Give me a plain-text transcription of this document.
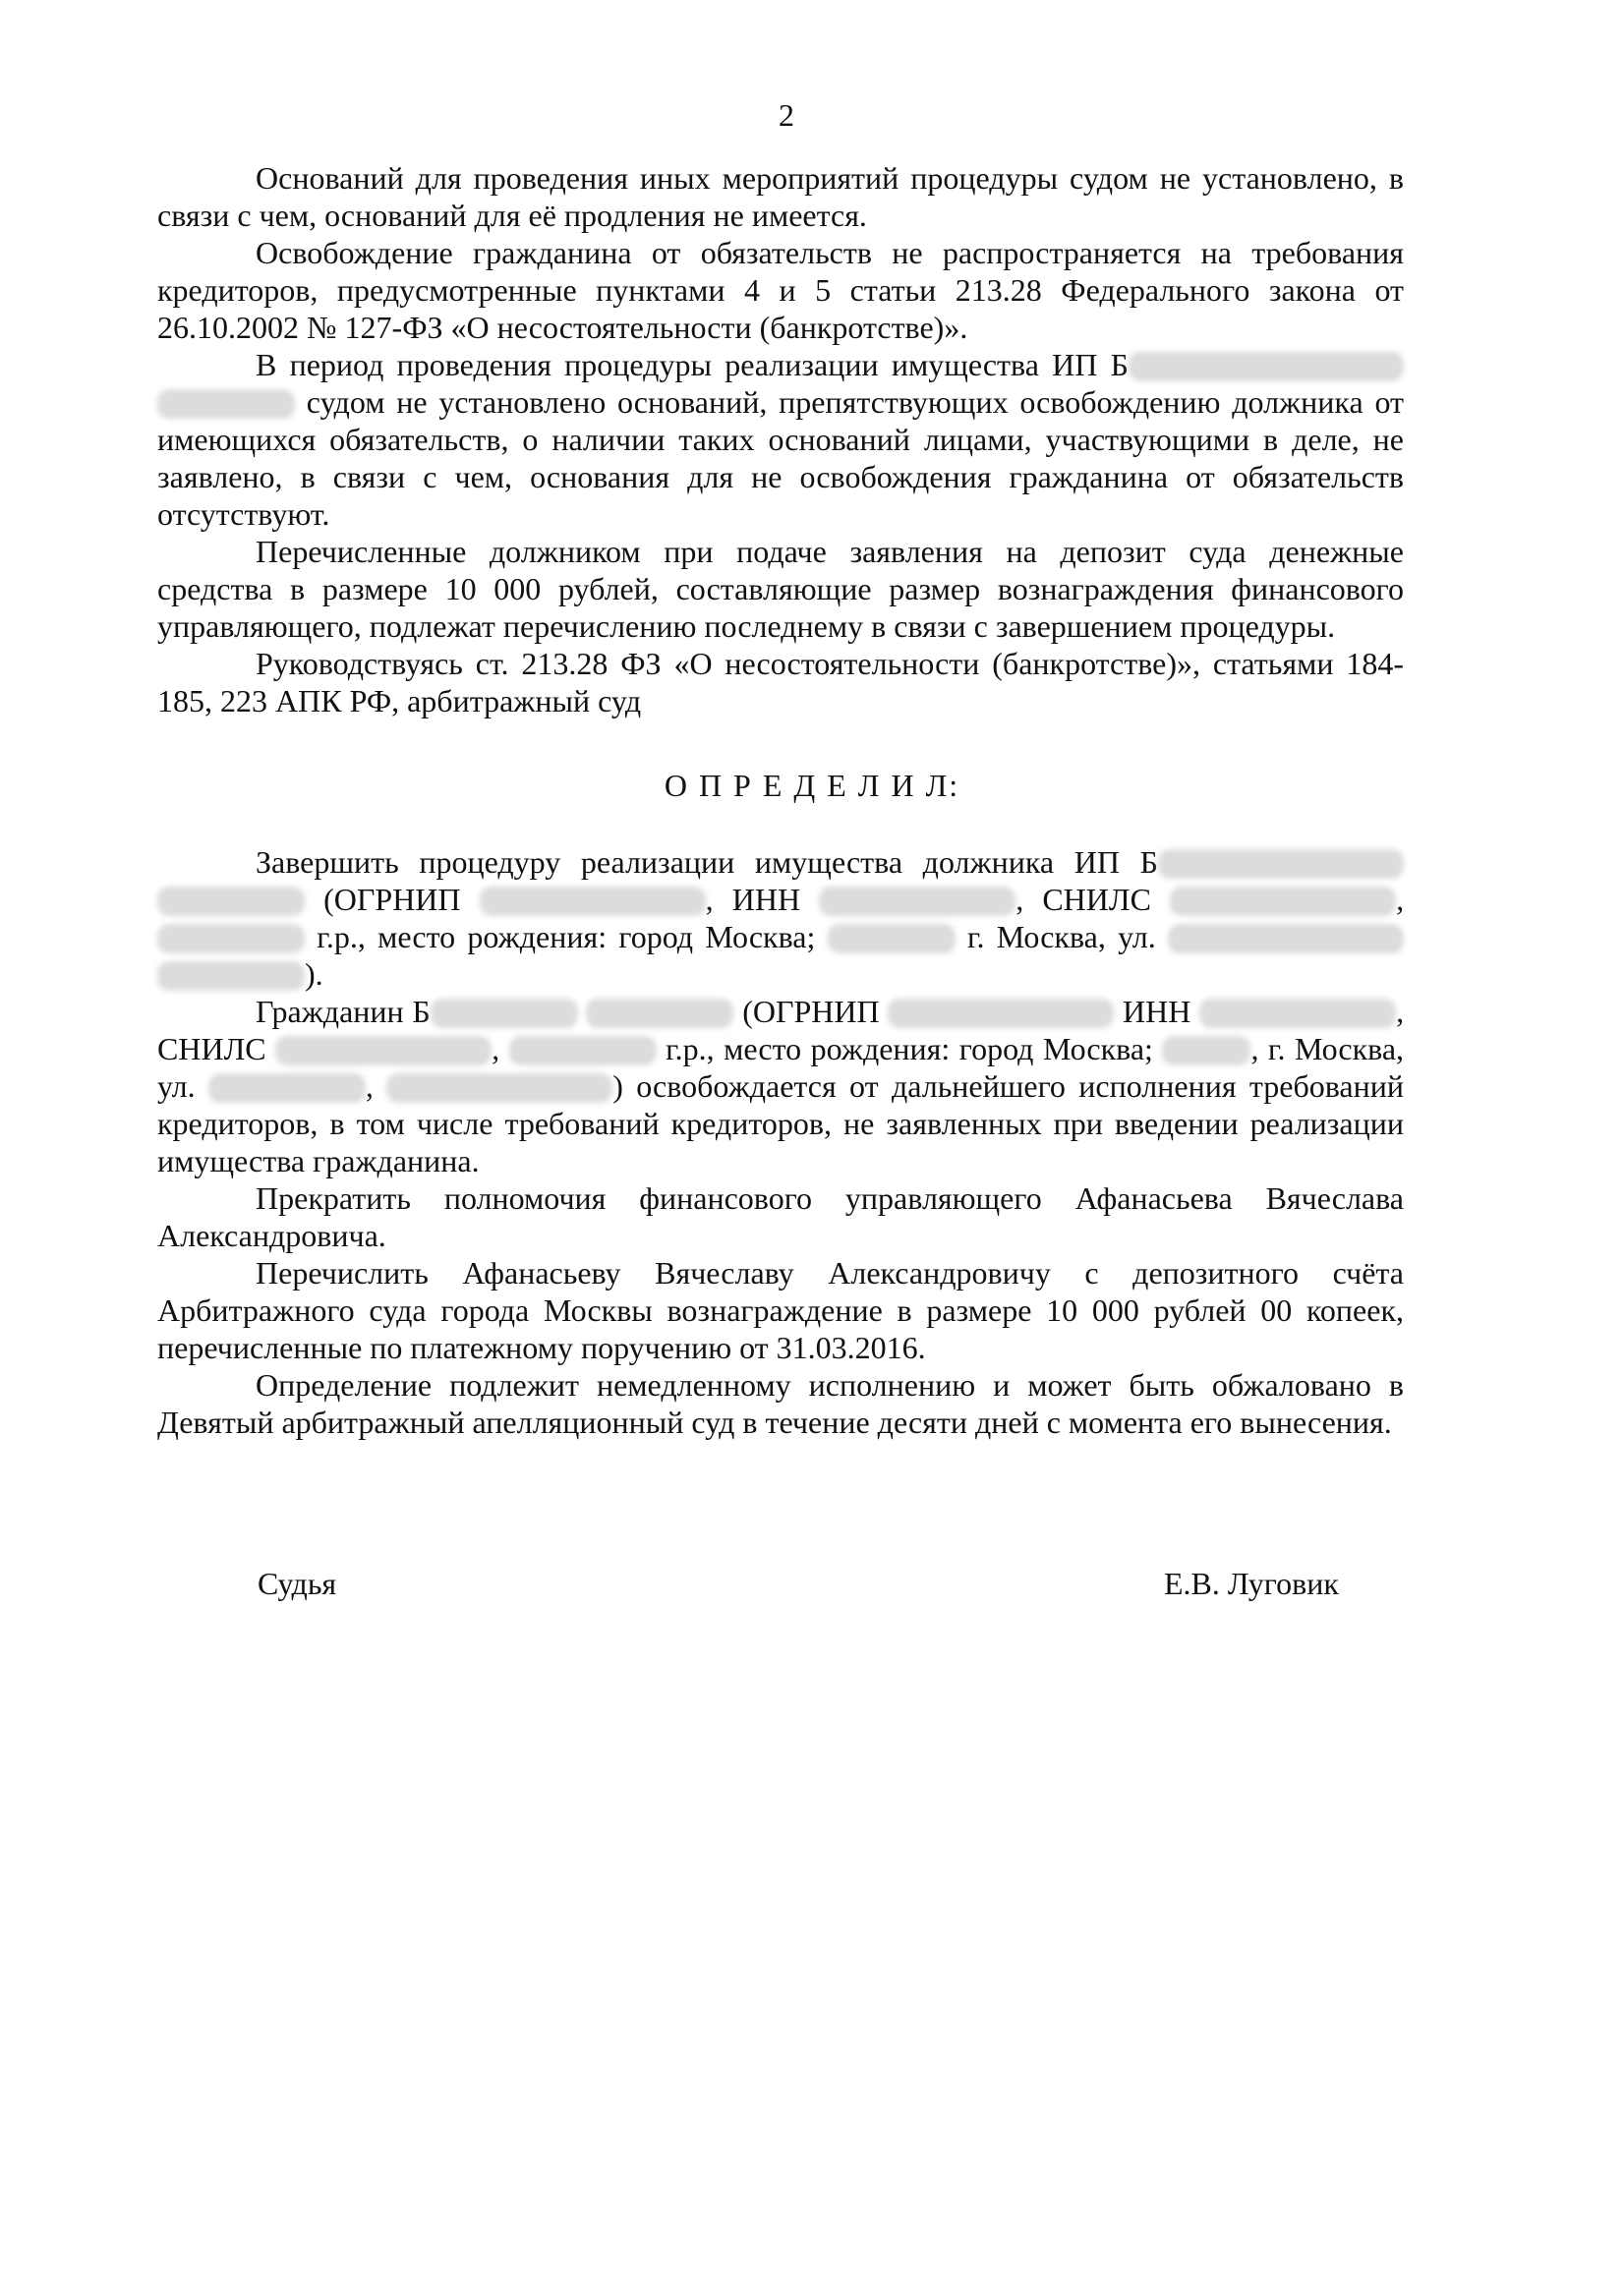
2

Оснований для проведения иных мероприятий процедуры судом не установлено, в связи с чем, оснований для её продления не имеется.

Освобождение гражданина от обязательств не распространяется на требования кредиторов, предусмотренные пунктами 4 и 5 статьи 213.28 Федерального закона от 26.10.2002 № 127-ФЗ «О несостоятельности (банкротстве)».

В период проведения процедуры реализации имущества ИП Б  судом не установлено оснований, препятствующих освобождению должника от имеющихся обязательств, о наличии таких оснований лицами, участвующими в деле, не заявлено, в связи с чем, основания для не освобождения гражданина от обязательств отсутствуют.

Перечисленные должником при подаче заявления на депозит суда денежные средства в размере 10 000 рублей, составляющие размер вознаграждения финансового управляющего, подлежат перечислению последнему в связи с завершением процедуры.

Руководствуясь ст. 213.28 ФЗ «О несостоятельности (банкротстве)», статьями 184-185, 223 АПК РФ, арбитражный суд

О П Р Е Д Е Л И Л:

Завершить процедуру реализации имущества должника ИП Б  (ОГРНИП	, ИНН	, СНИЛС	,  г.р., место рождения: город Москва;	г. Москва, ул.  ).

Гражданин Б	(ОГРНИП	ИНН	, СНИЛС	,	г.р., место рождения: город Москва;	, г. Москва, ул.	,	) освобождается от дальнейшего исполнения требований кредиторов, в том числе требований кредиторов, не заявленных при введении реализации имущества гражданина.

Прекратить полномочия финансового управляющего Афанасьева Вячеслава Александровича.

Перечислить Афанасьеву Вячеславу Александровичу с депозитного счёта Арбитражного суда города Москвы вознаграждение в размере 10 000 рублей 00 копеек, перечисленные по платежному поручению от 31.03.2016.

Определение подлежит немедленному исполнению и может быть обжаловано в Девятый арбитражный апелляционный суд в течение десяти дней с момента его вынесения.

Судья	Е.В. Луговик
